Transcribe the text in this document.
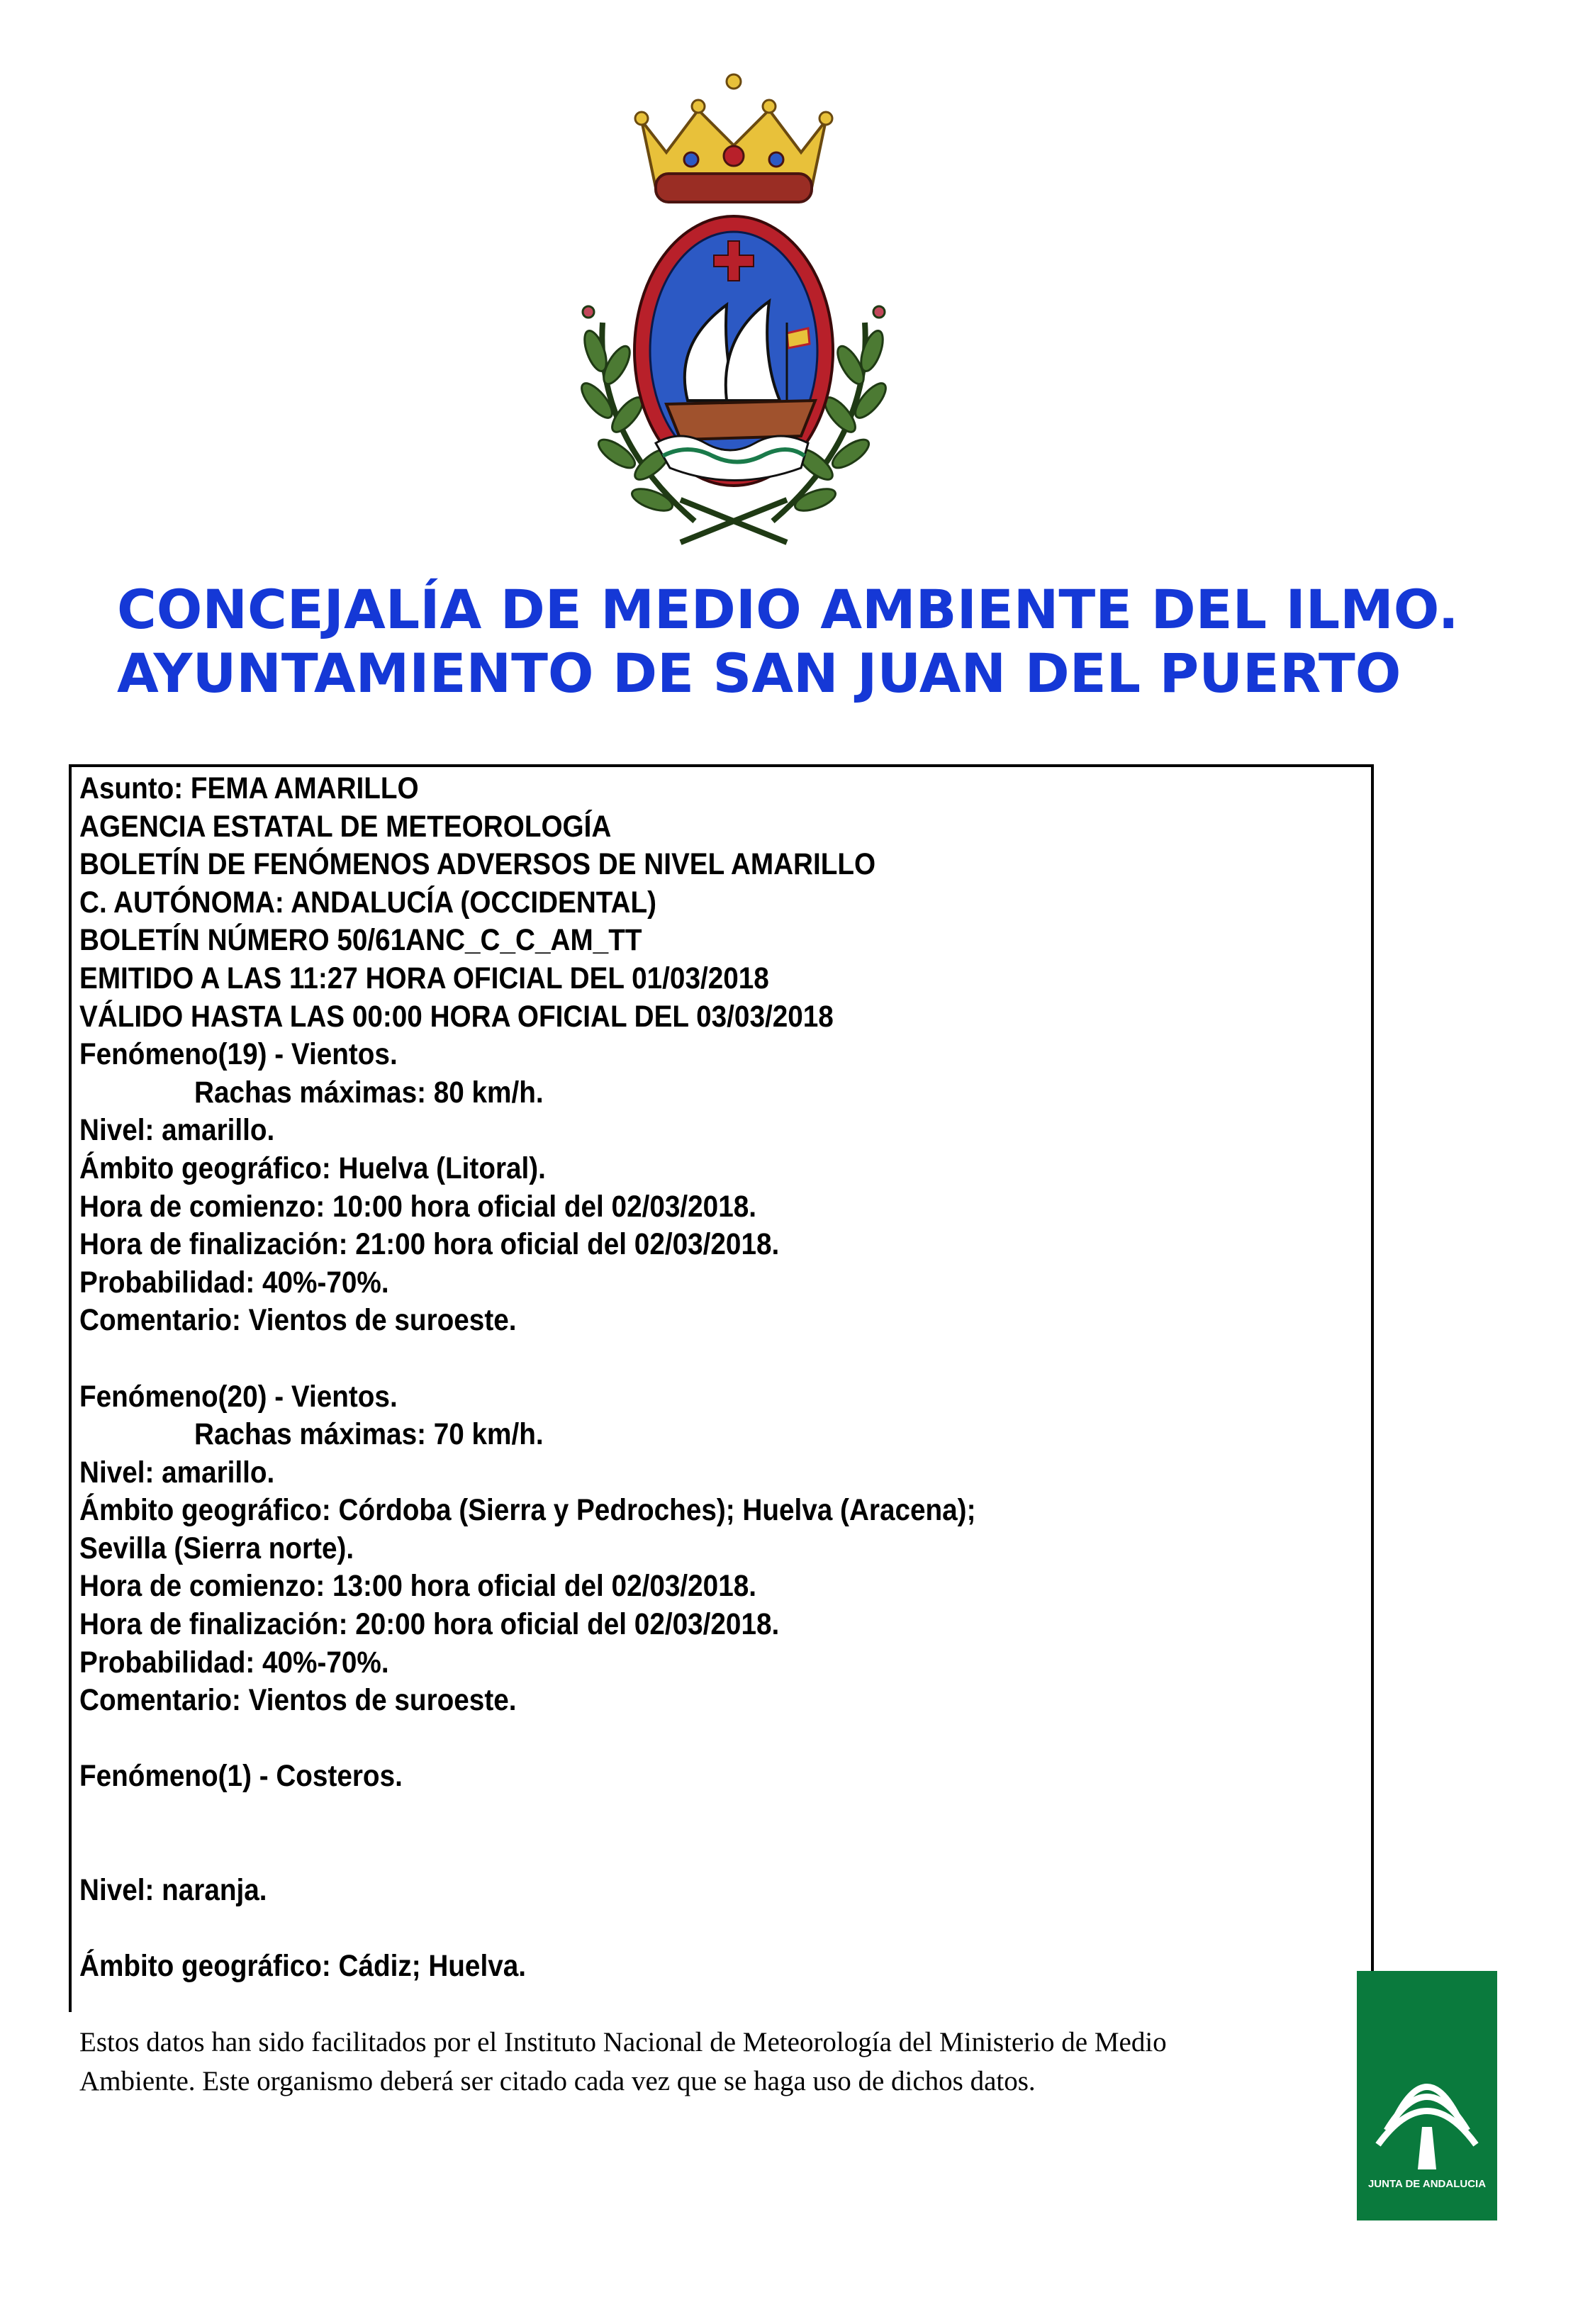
CONCEJALÍA DE MEDIO AMBIENTE DEL ILMO.
AYUNTAMIENTO DE SAN JUAN DEL PUERTO
Asunto: FEMA AMARILLO
AGENCIA ESTATAL DE METEOROLOGÍA
BOLETÍN DE FENÓMENOS ADVERSOS DE NIVEL AMARILLO
C. AUTÓNOMA: ANDALUCÍA (OCCIDENTAL)
BOLETÍN NÚMERO 50/61ANC_C_C_AM_TT
EMITIDO A LAS 11:27 HORA OFICIAL DEL 01/03/2018
VÁLIDO HASTA LAS 00:00 HORA OFICIAL DEL 03/03/2018
Fenómeno(19) - Vientos.
Rachas máximas: 80 km/h.
Nivel: amarillo.
Ámbito geográfico: Huelva (Litoral).
Hora de comienzo: 10:00 hora oficial del 02/03/2018.
Hora de finalización: 21:00 hora oficial del 02/03/2018.
Probabilidad: 40%-70%.
Comentario: Vientos de suroeste.
Fenómeno(20) - Vientos.
Rachas máximas: 70 km/h.
Nivel: amarillo.
Ámbito geográfico: Córdoba (Sierra y Pedroches); Huelva (Aracena);
Sevilla (Sierra norte).
Hora de comienzo: 13:00 hora oficial del 02/03/2018.
Hora de finalización: 20:00 hora oficial del 02/03/2018.
Probabilidad: 40%-70%.
Comentario: Vientos de suroeste.
Fenómeno(1) - Costeros.
Nivel: naranja.
Ámbito geográfico: Cádiz; Huelva.
Estos datos han sido facilitados por el Instituto Nacional de Meteorología del Ministerio de Medio
Ambiente. Este organismo deberá ser citado cada vez que se haga uso de dichos datos.
JUNTA DE ANDALUCIA
